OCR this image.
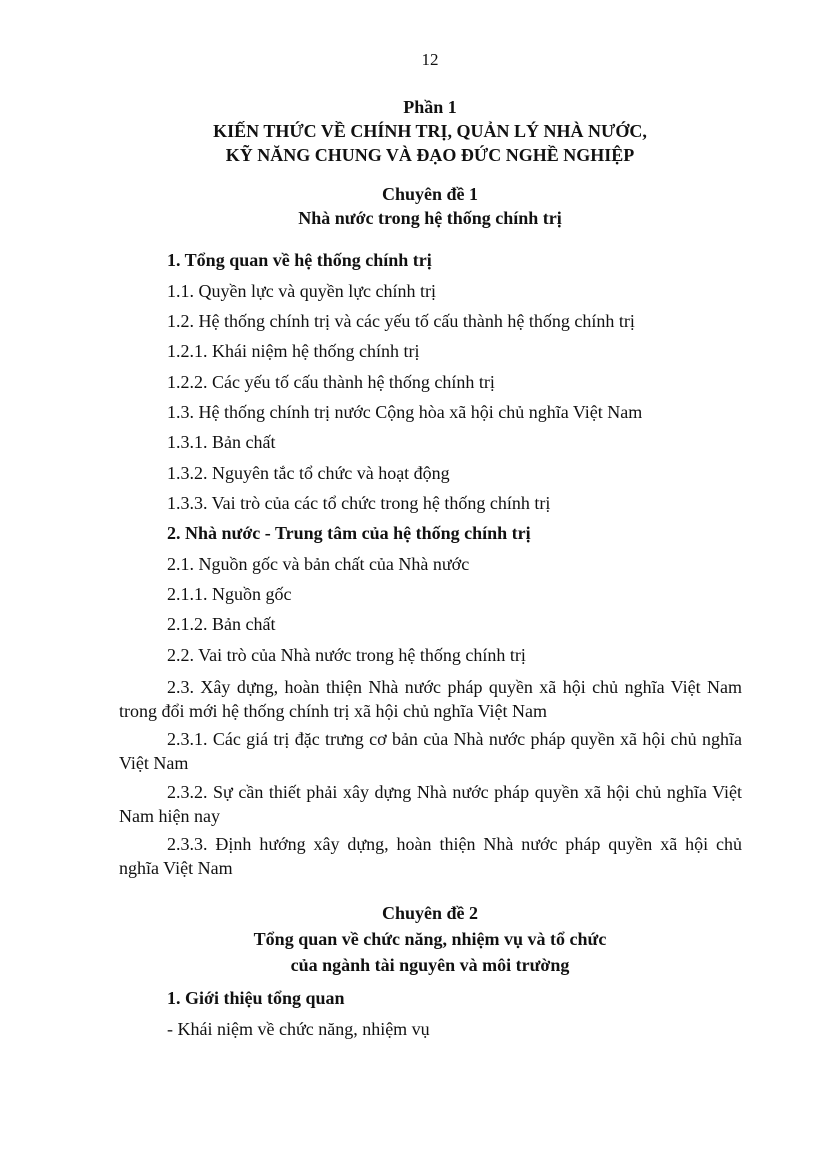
12
Phần 1
KIẾN THỨC VỀ CHÍNH TRỊ, QUẢN LÝ NHÀ NƯỚC,
KỸ NĂNG CHUNG VÀ ĐẠO ĐỨC NGHỀ NGHIỆP
Chuyên đề 1
Nhà nước trong hệ thống chính trị
1. Tổng quan về hệ thống chính trị
1.1. Quyền lực và quyền lực chính trị
1.2. Hệ thống chính trị và các yếu tố cấu thành hệ thống chính trị
1.2.1. Khái niệm hệ thống chính trị
1.2.2. Các yếu tố cấu thành hệ thống chính trị
1.3. Hệ thống chính trị nước Cộng hòa xã hội chủ nghĩa Việt Nam
1.3.1. Bản chất
1.3.2. Nguyên tắc tổ chức và hoạt động
1.3.3. Vai trò của các tổ chức trong hệ thống chính trị
2. Nhà nước - Trung tâm của hệ thống chính trị
2.1. Nguồn gốc và bản chất của Nhà nước
2.1.1. Nguồn gốc
2.1.2. Bản chất
2.2. Vai trò của Nhà nước trong hệ thống chính trị
2.3. Xây dựng, hoàn thiện Nhà nước pháp quyền xã hội chủ nghĩa Việt Nam trong đổi mới hệ thống chính trị xã hội chủ nghĩa Việt Nam
2.3.1. Các giá trị đặc trưng cơ bản của Nhà nước pháp quyền xã hội chủ nghĩa Việt Nam
2.3.2. Sự cần thiết phải xây dựng Nhà nước pháp quyền xã hội chủ nghĩa Việt Nam hiện nay
2.3.3. Định hướng xây dựng, hoàn thiện Nhà nước pháp quyền xã hội chủ nghĩa Việt Nam
Chuyên đề 2
Tổng quan về chức năng, nhiệm vụ và tổ chức
của ngành tài nguyên và môi trường
1. Giới thiệu tổng quan
- Khái niệm về chức năng, nhiệm vụ
